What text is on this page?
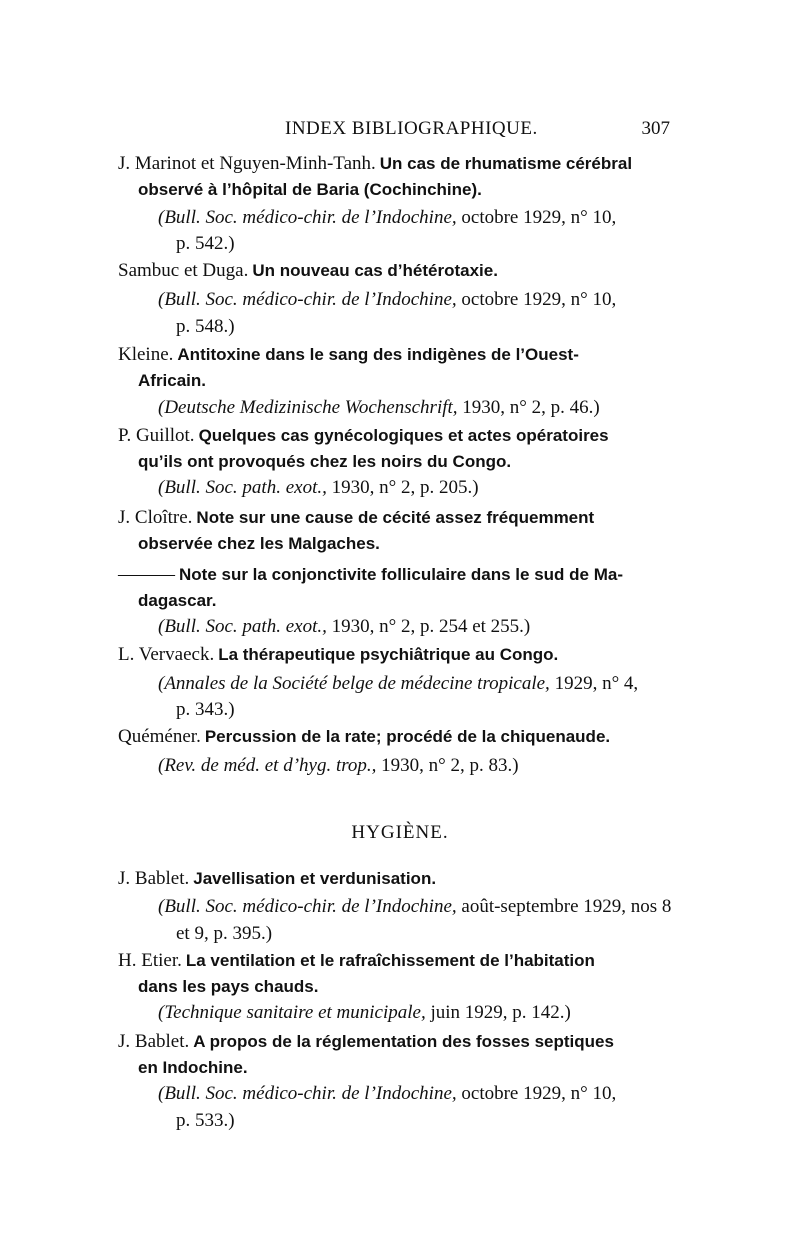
INDEX BIBLIOGRAPHIQUE.	307
J. Marinot et Nguyen-Minh-Tanh. Un cas de rhumatisme cérébral
observé à l’hôpital de Baria (Cochinchine).
(Bull. Soc. médico-chir. de l’Indochine, octobre 1929, n° 10,
p. 542.)
Sambuc et Duga. Un nouveau cas d’hétérotaxie.
(Bull. Soc. médico-chir. de l’Indochine, octobre 1929, n° 10,
p. 548.)
Kleine. Antitoxine dans le sang des indigènes de l’Ouest-
Africain.
(Deutsche Medizinische Wochenschrift, 1930, n° 2, p. 46.)
P. Guillot. Quelques cas gynécologiques et actes opératoires
qu’ils ont provoqués chez les noirs du Congo.
(Bull. Soc. path. exot., 1930, n° 2, p. 205.)
J. Cloître. Note sur une cause de cécité assez fréquemment
observée chez les Malgaches.
——— Note sur la conjonctivite folliculaire dans le sud de Ma-
dagascar.
(Bull. Soc. path. exot., 1930, n° 2, p. 254 et 255.)
L. Vervaeck. La thérapeutique psychiâtrique au Congo.
(Annales de la Société belge de médecine tropicale, 1929, n° 4,
p. 343.)
Quéméner. Percussion de la rate; procédé de la chiquenaude.
(Rev. de méd. et d’hyg. trop., 1930, n° 2, p. 83.)
HYGIÈNE.
J. Bablet. Javellisation et verdunisation.
(Bull. Soc. médico-chir. de l’Indochine, août-septembre 1929, nos 8
et 9, p. 395.)
H. Etier. La ventilation et le rafraîchissement de l’habitation
dans les pays chauds.
(Technique sanitaire et municipale, juin 1929, p. 142.)
J. Bablet. A propos de la réglementation des fosses septiques
en Indochine.
(Bull. Soc. médico-chir. de l’Indochine, octobre 1929, n° 10,
p. 533.)
